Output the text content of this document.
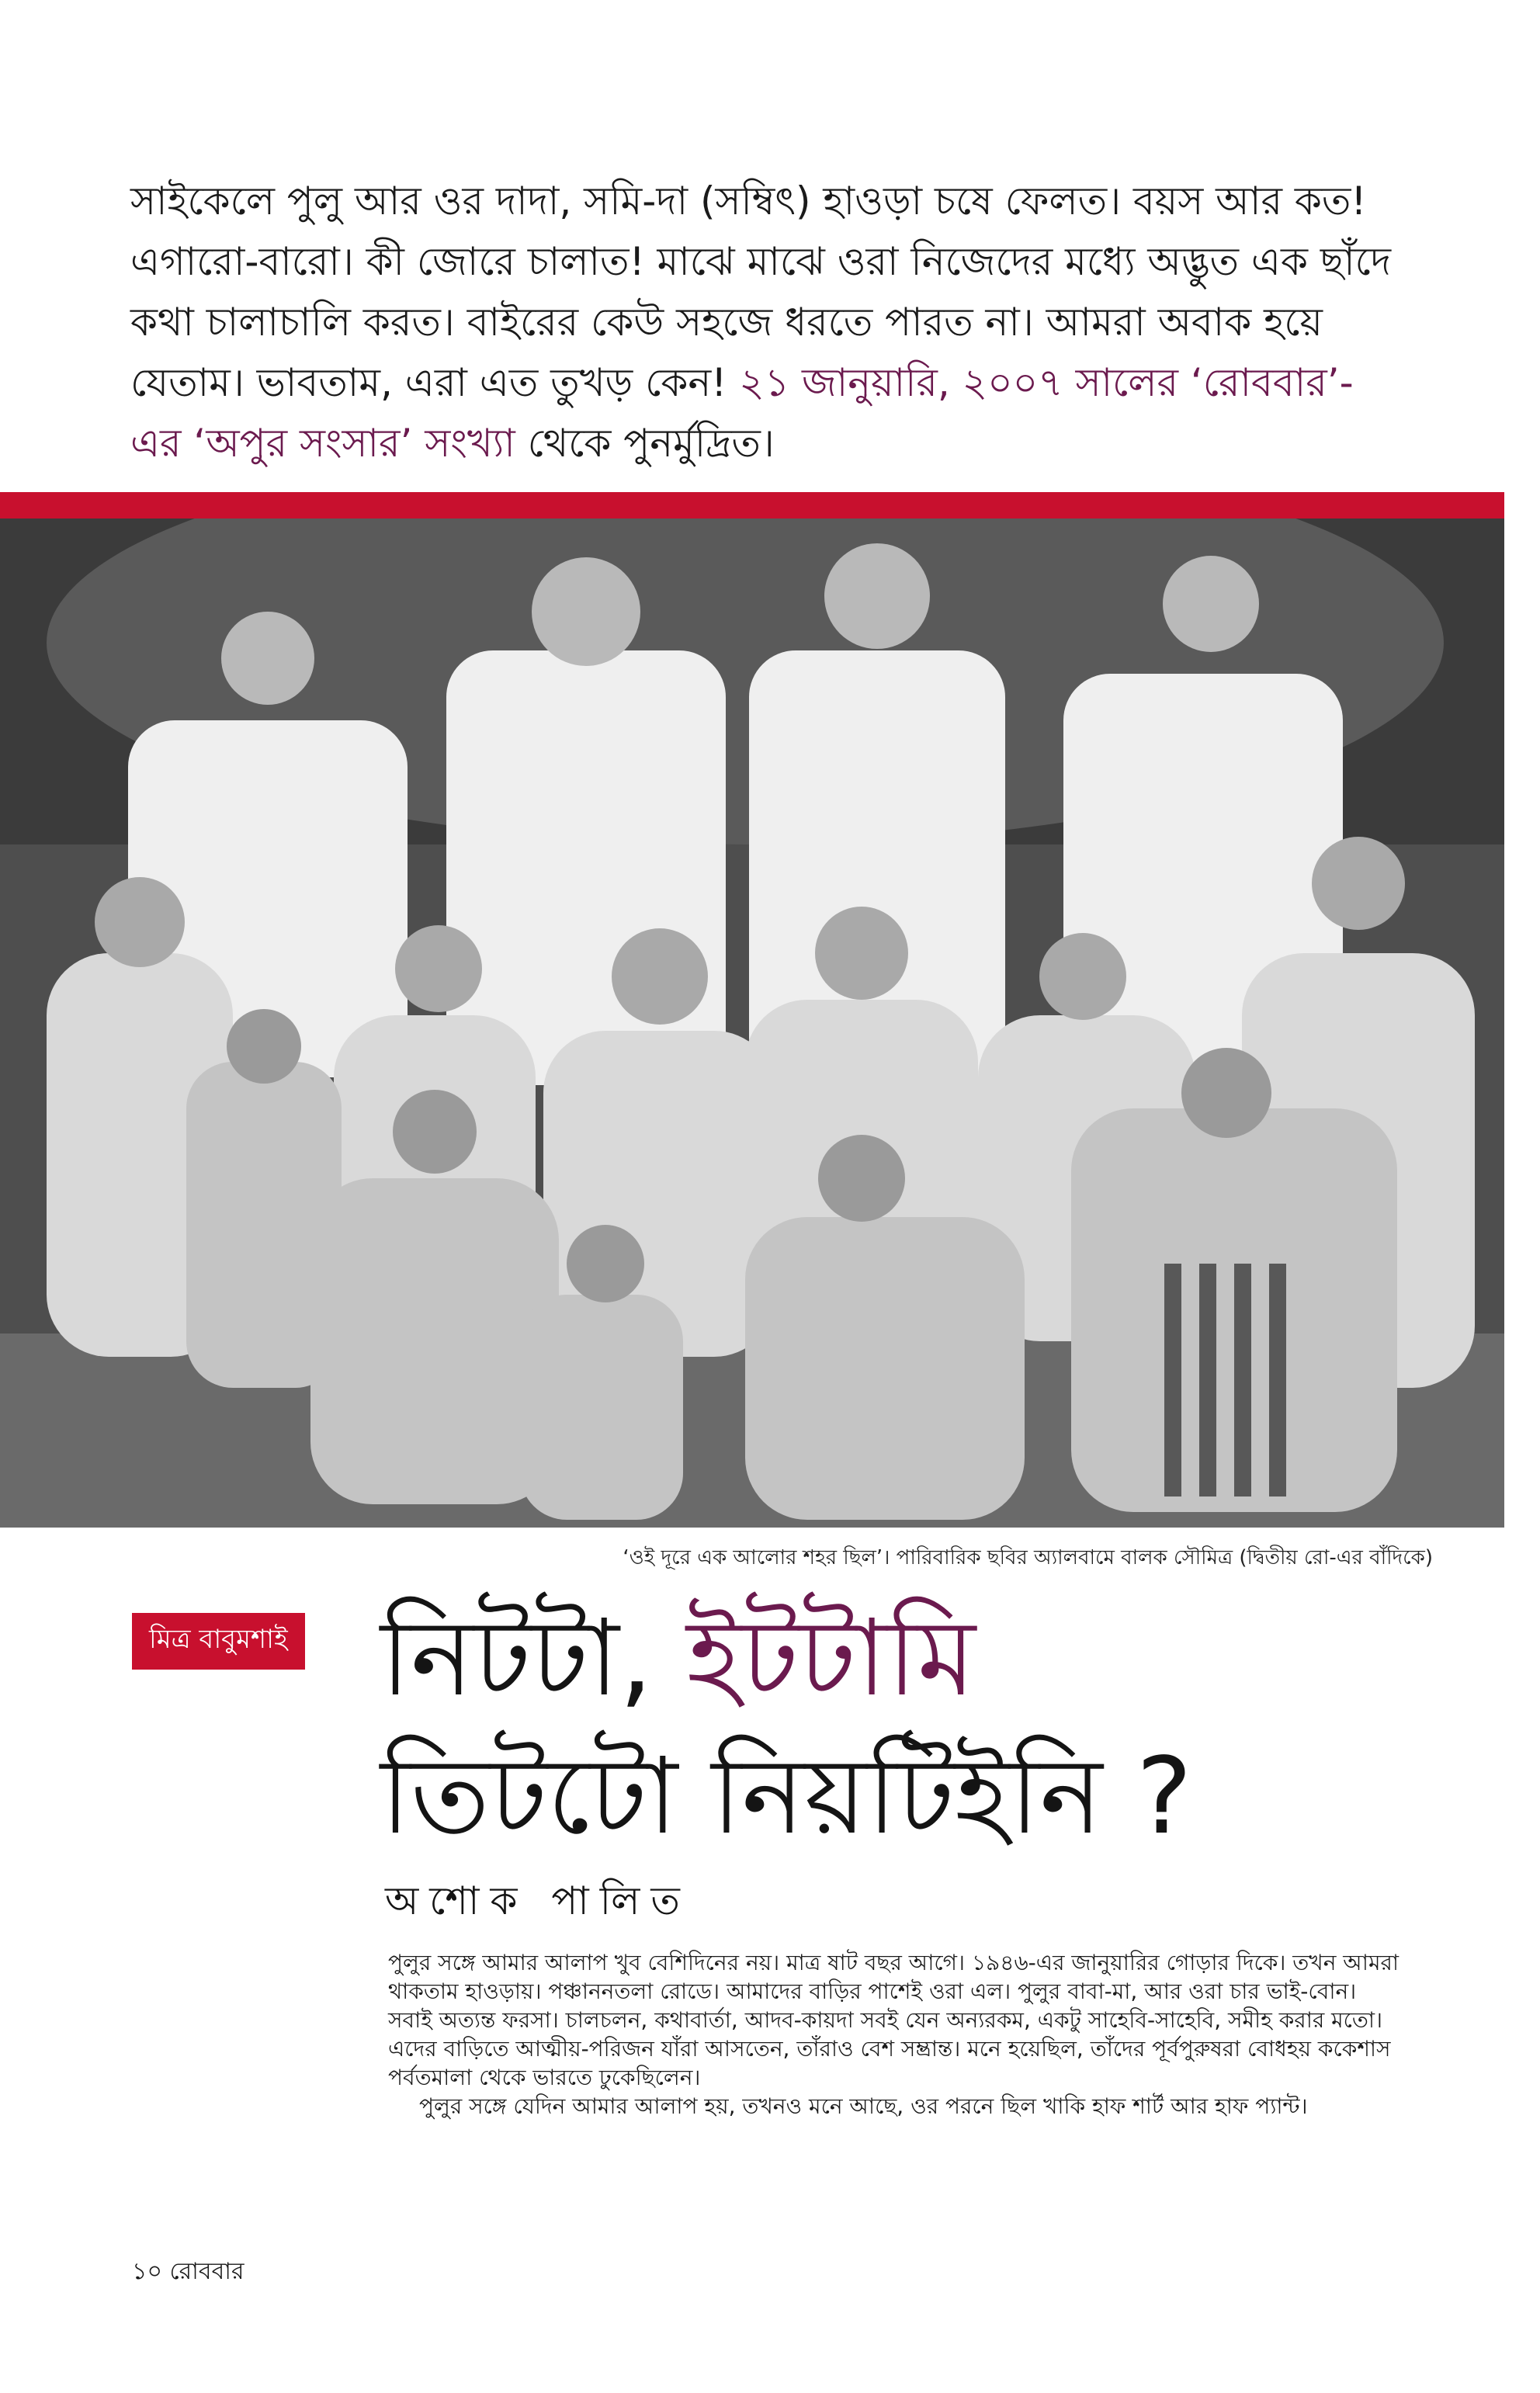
সাইকেলে পুলু আর ওর দাদা, সমি-দা (সম্বিৎ) হাওড়া চষে ফেলত। বয়স আর কত! এগারো-বারো। কী জোরে চালাত! মাঝে মাঝে ওরা নিজেদের মধ্যে অদ্ভুত এক ছাঁদে কথা চালাচালি করত। বাইরের কেউ সহজে ধরতে পারত না। আমরা অবাক হয়ে যেতাম। ভাবতাম, এরা এত তুখড় কেন! ২১ জানুয়ারি, ২০০৭ সালের ‘রোববার’-এর ‘অপুর সংসার’ সংখ্যা থেকে পুনর্মুদ্রিত।

‘ওই দূরে এক আলোর শহর ছিল’। পারিবারিক ছবির অ্যালবামে বালক সৌমিত্র (দ্বিতীয় রো-এর বাঁদিকে)
মিত্র বাবুমশাই নিটটা, ইটটামি
তিটটো নিয়টিইনি ?
অশোক পালিত

পুলুর সঙ্গে আমার আলাপ খুব বেশিদিনের নয়। মাত্র ষাট বছর আগে। ১৯৪৬-এর জানুয়ারির গোড়ার দিকে। তখন আমরা থাকতাম হাওড়ায়। পঞ্চাননতলা রোডে। আমাদের বাড়ির পাশেই ওরা এল। পুলুর বাবা-মা, আর ওরা চার ভাই-বোন। সবাই অত্যন্ত ফরসা। চালচলন, কথাবার্তা, আদব-কায়দা সবই যেন অন্যরকম, একটু সাহেবি-সাহেবি, সমীহ করার মতো। এদের বাড়িতে আত্মীয়-পরিজন যাঁরা আসতেন, তাঁরাও বেশ সম্ভ্রান্ত। মনে হয়েছিল, তাঁদের পূর্বপুরুষরা বোধহয় ককেশাস পর্বতমালা থেকে ভারতে ঢুকেছিলেন।

পুলুর সঙ্গে যেদিন আমার আলাপ হয়, তখনও মনে আছে, ওর পরনে ছিল খাকি হাফ শার্ট আর হাফ প্যান্ট।

১০ রোববার
